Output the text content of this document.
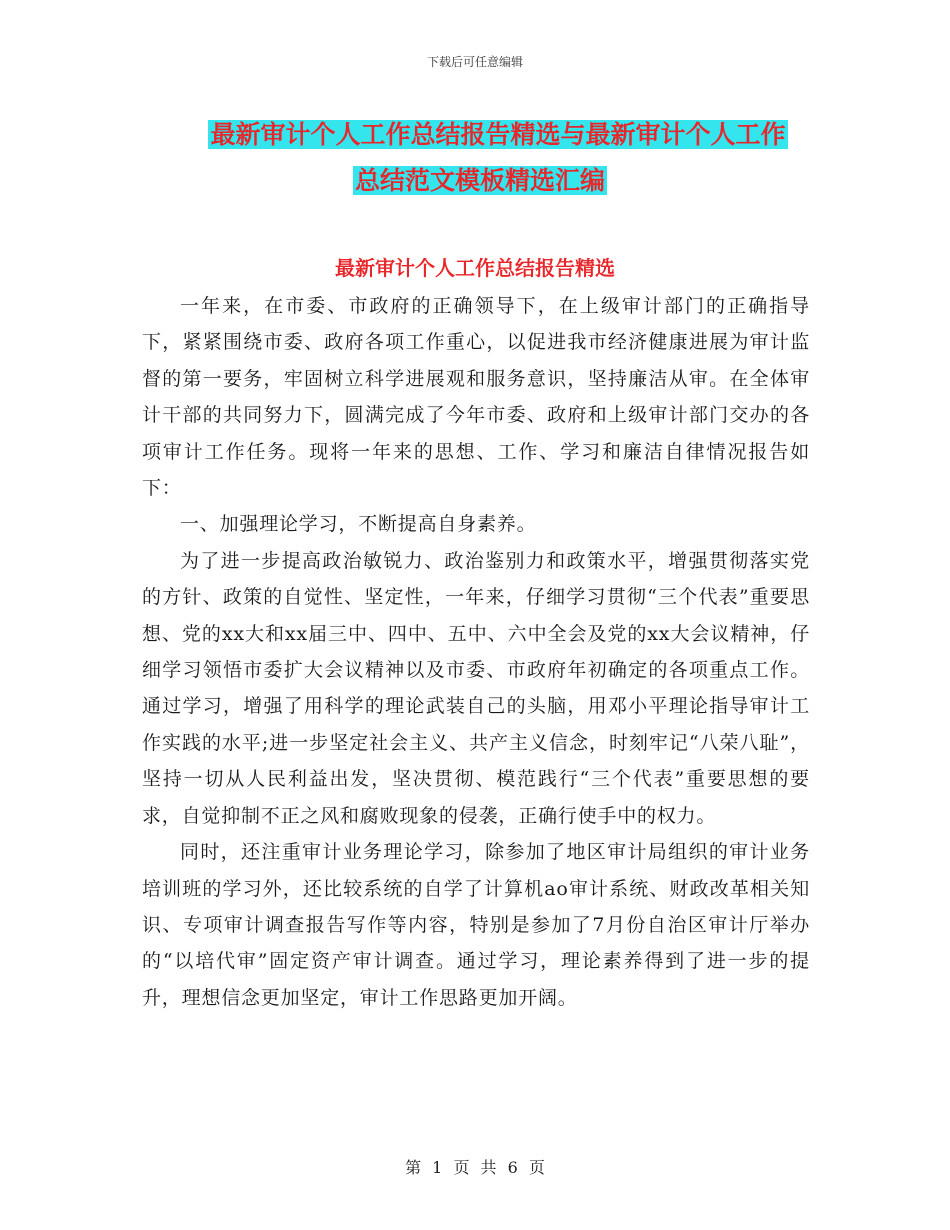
下载后可任意编辑
最新审计个人工作总结报告精选与最新审计个人工作
总结范文模板精选汇编
最新审计个人工作总结报告精选

一年来，在市委、市政府的正确领导下，在上级审计部门的正确指导下，紧紧围绕市委、政府各项工作重心，以促进我市经济健康进展为审计监督的第一要务，牢固树立科学进展观和服务意识，坚持廉洁从审。在全体审计干部的共同努力下，圆满完成了今年市委、政府和上级审计部门交办的各项审计工作任务。现将一年来的思想、工作、学习和廉洁自律情况报告如下：

一、加强理论学习，不断提高自身素养。

为了进一步提高政治敏锐力、政治鉴别力和政策水平，增强贯彻落实党的方针、政策的自觉性、坚定性，一年来，仔细学习贯彻“三个代表”重要思想、党的xx大和xx届三中、四中、五中、六中全会及党的xx大会议精神，仔细学习领悟市委扩大会议精神以及市委、市政府年初确定的各项重点工作。通过学习，增强了用科学的理论武装自己的头脑，用邓小平理论指导审计工作实践的水平;进一步坚定社会主义、共产主义信念，时刻牢记“八荣八耻”，坚持一切从人民利益出发，坚决贯彻、模范践行“三个代表”重要思想的要求，自觉抑制不正之风和腐败现象的侵袭，正确行使手中的权力。

同时，还注重审计业务理论学习，除参加了地区审计局组织的审计业务培训班的学习外，还比较系统的自学了计算机ao审计系统、财政改革相关知识、专项审计调查报告写作等内容，特别是参加了7月份自治区审计厅举办的“以培代审”固定资产审计调查。通过学习，理论素养得到了进一步的提升，理想信念更加坚定，审计工作思路更加开阔。

第 1 页 共 6 页
